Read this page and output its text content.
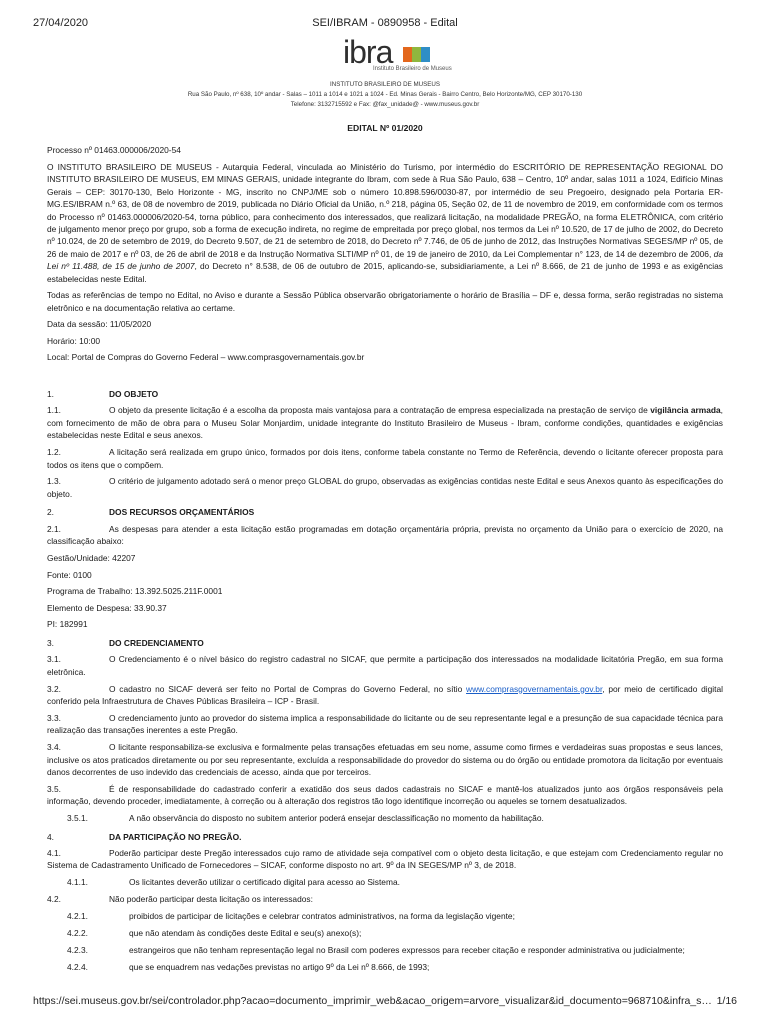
27/04/2020	SEI/IBRAM - 0890958 - Edital
ibra
Instituto Brasileiro de Museus
INSTITUTO BRASILEIRO DE MUSEUS
Rua São Paulo, nº 638, 10º andar - Salas – 1011 a 1014 e 1021 a 1024 - Ed. Minas Gerais - Bairro Centro, Belo Horizonte/MG, CEP 30170-130
Telefone: 3132715592 e Fax: @fax_unidade@ - www.museus.gov.br
EDITAL Nº 01/2020

Processo nº 01463.000006/2020-54

O INSTITUTO BRASILEIRO DE MUSEUS - Autarquia Federal, vinculada ao Ministério do Turismo, por intermédio do ESCRITÓRIO DE REPRESENTAÇÃO REGIONAL DO INSTITUTO BRASILEIRO DE MUSEUS, EM MINAS GERAIS, unidade integrante do Ibram, com sede à Rua São Paulo, 638 – Centro, 10º andar, salas 1011 a 1024, Edifício Minas Gerais – CEP: 30170-130, Belo Horizonte - MG, inscrito no CNPJ/ME sob o número 10.898.596/0030-87, por intermédio de seu Pregoeiro, designado pela Portaria ER-MG.ES/IBRAM n.º 63, de 08 de novembro de 2019, publicada no Diário Oficial da União, n.º 218, página 05, Seção 02, de 11 de novembro de 2019, em conformidade com os termos do Processo nº 01463.000006/2020-54, torna público, para conhecimento dos interessados, que realizará licitação, na modalidade PREGÃO, na forma ELETRÔNICA, com critério de julgamento menor preço por grupo, sob a forma de execução indireta, no regime de empreitada por preço global, nos termos da Lei nº 10.520, de 17 de julho de 2002, do Decreto nº 10.024, de 20 de setembro de 2019, do Decreto 9.507, de 21 de setembro de 2018, do Decreto nº 7.746, de 05 de junho de 2012, das Instruções Normativas SEGES/MP nº 05, de 26 de maio de 2017 e nº 03, de 26 de abril de 2018 e da Instrução Normativa SLTI/MP nº 01, de 19 de janeiro de 2010, da Lei Complementar n° 123, de 14 de dezembro de 2006, da Lei nº 11.488, de 15 de junho de 2007, do Decreto n° 8.538, de 06 de outubro de 2015, aplicando-se, subsidiariamente, a Lei nº 8.666, de 21 de junho de 1993 e as exigências estabelecidas neste Edital.

Todas as referências de tempo no Edital, no Aviso e durante a Sessão Pública observarão obrigatoriamente o horário de Brasília – DF e, dessa forma, serão registradas no sistema eletrônico e na documentação relativa ao certame.

Data da sessão: 11/05/2020

Horário: 10:00

Local: Portal de Compras do Governo Federal – www.comprasgovernamentais.gov.br

1.	DO OBJETO
1.1.	O objeto da presente licitação é a escolha da proposta mais vantajosa para a contratação de empresa especializada na prestação de serviço de vigilância armada, com fornecimento de mão de obra para o Museu Solar Monjardim, unidade integrante do Instituto Brasileiro de Museus - Ibram, conforme condições, quantidades e exigências estabelecidas neste Edital e seus anexos.
1.2.	A licitação será realizada em grupo único, formados por dois itens, conforme tabela constante no Termo de Referência, devendo o licitante oferecer proposta para todos os itens que o compõem.
1.3.	O critério de julgamento adotado será o menor preço GLOBAL do grupo, observadas as exigências contidas neste Edital e seus Anexos quanto às especificações do objeto.
2.	DOS RECURSOS ORÇAMENTÁRIOS
2.1.	As despesas para atender a esta licitação estão programadas em dotação orçamentária própria, prevista no orçamento da União para o exercício de 2020, na classificação abaixo:

Gestão/Unidade: 42207

Fonte: 0100

Programa de Trabalho: 13.392.5025.211F.0001

Elemento de Despesa: 33.90.37

PI: 182991

3.	DO CREDENCIAMENTO
3.1.	O Credenciamento é o nível básico do registro cadastral no SICAF, que permite a participação dos interessados na modalidade licitatória Pregão, em sua forma eletrônica.
3.2.	O cadastro no SICAF deverá ser feito no Portal de Compras do Governo Federal, no sítio www.comprasgovernamentais.gov.br, por meio de certificado digital conferido pela Infraestrutura de Chaves Públicas Brasileira – ICP - Brasil.
3.3.	O credenciamento junto ao provedor do sistema implica a responsabilidade do licitante ou de seu representante legal e a presunção de sua capacidade técnica para realização das transações inerentes a este Pregão.
3.4.	O licitante responsabiliza-se exclusiva e formalmente pelas transações efetuadas em seu nome, assume como firmes e verdadeiras suas propostas e seus lances, inclusive os atos praticados diretamente ou por seu representante, excluída a responsabilidade do provedor do sistema ou do órgão ou entidade promotora da licitação por eventuais danos decorrentes de uso indevido das credenciais de acesso, ainda que por terceiros.
3.5.	É de responsabilidade do cadastrado conferir a exatidão dos seus dados cadastrais no SICAF e mantê-los atualizados junto aos órgãos responsáveis pela informação, devendo proceder, imediatamente, à correção ou à alteração dos registros tão logo identifique incorreção ou aqueles se tornem desatualizados.
3.5.1.	A não observância do disposto no subitem anterior poderá ensejar desclassificação no momento da habilitação.
4.	DA PARTICIPAÇÃO NO PREGÃO.
4.1.	Poderão participar deste Pregão interessados cujo ramo de atividade seja compatível com o objeto desta licitação, e que estejam com Credenciamento regular no Sistema de Cadastramento Unificado de Fornecedores – SICAF, conforme disposto no art. 9º da IN SEGES/MP nº 3, de 2018.
4.1.1.	Os licitantes deverão utilizar o certificado digital para acesso ao Sistema.
4.2.	Não poderão participar desta licitação os interessados:
4.2.1.	proibidos de participar de licitações e celebrar contratos administrativos, na forma da legislação vigente;
4.2.2.	que não atendam às condições deste Edital e seu(s) anexo(s);
4.2.3.	estrangeiros que não tenham representação legal no Brasil com poderes expressos para receber citação e responder administrativa ou judicialmente;
4.2.4.	que se enquadrem nas vedações previstas no artigo 9º da Lei nº 8.666, de 1993;
https://sei.museus.gov.br/sei/controlador.php?acao=documento_imprimir_web&acao_origem=arvore_visualizar&id_documento=968710&infra_s… 1/16
